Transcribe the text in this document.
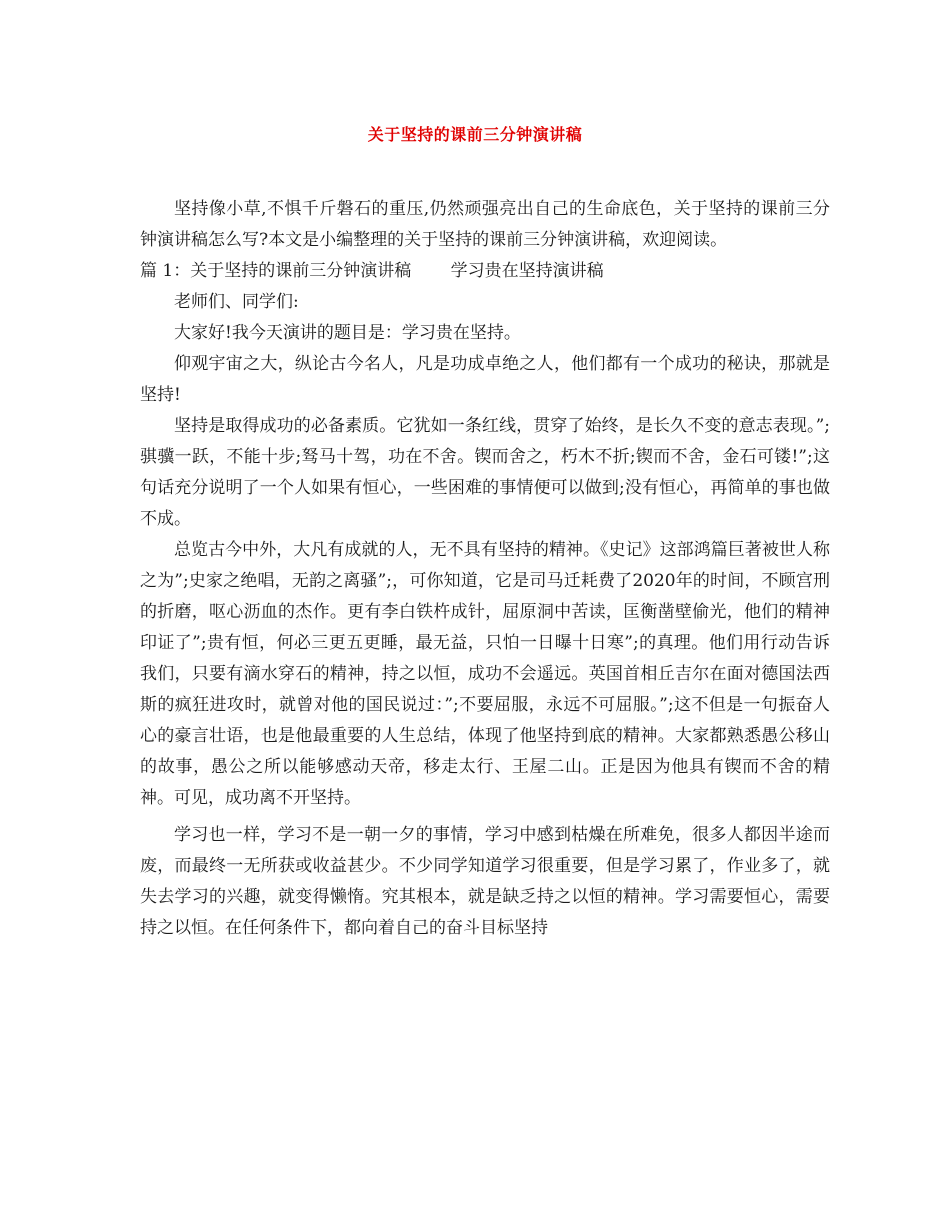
关于坚持的课前三分钟演讲稿

坚持像小草,不惧千斤磐石的重压,仍然顽强亮出自己的生命底色，关于坚持的课前三分钟演讲稿怎么写?本文是小编整理的关于坚持的课前三分钟演讲稿，欢迎阅读。

篇 1：关于坚持的课前三分钟演讲稿　　 学习贵在坚持演讲稿

老师们、同学们:

大家好!我今天演讲的题目是：学习贵在坚持。

仰观宇宙之大，纵论古今名人，凡是功成卓绝之人，他们都有一个成功的秘诀，那就是坚持!

坚持是取得成功的必备素质。它犹如一条红线，贯穿了始终，是长久不变的意志表现。”;骐骥一跃，不能十步;驽马十驾，功在不舍。锲而舍之，朽木不折;锲而不舍，金石可镂!”;这句话充分说明了一个人如果有恒心，一些困难的事情便可以做到;没有恒心，再简单的事也做不成。

总览古今中外，大凡有成就的人，无不具有坚持的精神。《史记》这部鸿篇巨著被世人称之为”;史家之绝唱，无韵之离骚”;，可你知道，它是司马迁耗费了2020年的时间，不顾宫刑的折磨，呕心沥血的杰作。更有李白铁杵成针，屈原洞中苦读，匡衡凿壁偷光，他们的精神印证了”;贵有恒，何必三更五更睡，最无益，只怕一日曝十日寒”;的真理。他们用行动告诉我们，只要有滴水穿石的精神，持之以恒，成功不会遥远。英国首相丘吉尔在面对德国法西斯的疯狂进攻时，就曾对他的国民说过：”;不要屈服，永远不可屈服。”;这不但是一句振奋人心的豪言壮语，也是他最重要的人生总结，体现了他坚持到底的精神。大家都熟悉愚公移山的故事，愚公之所以能够感动天帝，移走太行、王屋二山。正是因为他具有锲而不舍的精神。可见，成功离不开坚持。

学习也一样，学习不是一朝一夕的事情，学习中感到枯燥在所难免，很多人都因半途而废，而最终一无所获或收益甚少。不少同学知道学习很重要，但是学习累了，作业多了，就失去学习的兴趣，就变得懒惰。究其根本，就是缺乏持之以恒的精神。学习需要恒心，需要持之以恒。在任何条件下，都向着自己的奋斗目标坚持
